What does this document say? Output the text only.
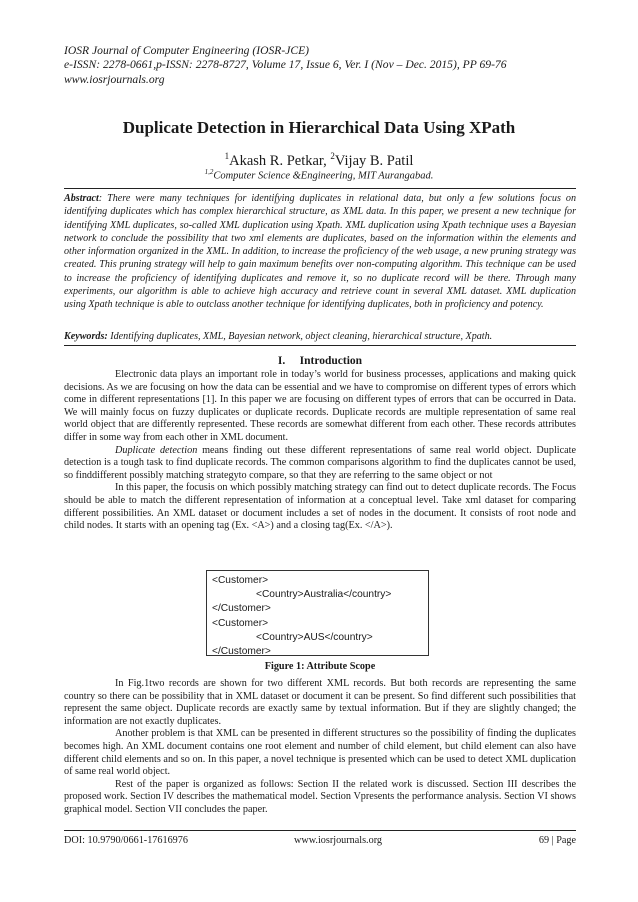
IOSR Journal of Computer Engineering (IOSR-JCE)
e-ISSN: 2278-0661,p-ISSN: 2278-8727, Volume 17, Issue 6, Ver. I (Nov – Dec. 2015), PP 69-76
www.iosrjournals.org
Duplicate Detection in Hierarchical Data Using XPath
$^1$Akash R. Petkar, $^2$Vijay B. Patil
$^{1,2}$Computer Science &Engineering, MIT Aurangabad.
Abstract: There were many techniques for identifying duplicates in relational data, but only a few solutions focus on identifying duplicates which has complex hierarchical structure, as XML data. In this paper, we present a new technique for identifying XML duplicates, so-called XML duplication using Xpath. XML duplication using Xpath technique uses a Bayesian network to conclude the possibility that two xml elements are duplicates, based on the information within the elements and other information organized in the XML. In addition, to increase the proficiency of the web usage, a new pruning strategy was created. This pruning strategy will help to gain maximum benefits over non-computing algorithm. This technique can be used to increase the proficiency of identifying duplicates and remove it, so no duplicate record will be there. Through many experiments, our algorithm is able to achieve high accuracy and retrieve count in several XML dataset. XML duplication using Xpath technique is able to outclass another technique for identifying duplicates, both in proficiency and potency.
Keywords: Identifying duplicates, XML, Bayesian network, object cleaning, hierarchical structure, Xpath.
I.     Introduction

Electronic data plays an important role in today’s world for business processes, applications and making quick decisions. As we are focusing on how the data can be essential and we have to compromise on different types of errors which come in different representations [1]. In this paper we are focusing on different types of errors that can be occurred in Data. We will mainly focus on fuzzy duplicates or duplicate records. Duplicate records are multiple representation of same real world object that are differently represented. These records are somewhat different from each other. These records attributes differ in some way from each other in XML document.

Duplicate detection means finding out these different representations of same real world object. Duplicate detection is a tough task to find duplicate records. The common comparisons algorithm to find the duplicates cannot be used, so finddifferent possibly matching strategyto compare, so that they are referring to the same object or not

In this paper, the focusis on which possibly matching strategy can find out to detect duplicate records. The Focus should be able to match the different representation of information at a conceptual level. Take xml dataset for comparing different possibilities. An XML dataset or document includes a set of nodes in the document. It consists of root node and child nodes. It starts with an opening tag (Ex. <A>) and a closing tag(Ex. </A>).

<Customer>
<Country>Australia</country>
</Customer>
<Customer>
<Country>AUS</country>
</Customer>
Figure 1: Attribute Scope

In Fig.1two records are shown for two different XML records. But both records are representing the same country so there can be possibility that in XML dataset or document it can be present. So find different such possibilities that represent the same object. Duplicate records are exactly same by textual information. But if they are slightly changed; the information are not exactly duplicates.

Another problem is that XML can be presented in different structures so the possibility of finding the duplicates becomes high. An XML document contains one root element and number of child element, but child element can also have different child elements and so on. In this paper, a novel technique is presented which can be used to detect XML duplication of same real world object.

Rest of the paper is organized as follows: Section II the related work is discussed. Section III describes the proposed work. Section IV describes the mathematical model. Section Vpresents the performance analysis. Section VI shows graphical model. Section VII concludes the paper.

DOI: 10.9790/0661-17616976	www.iosrjournals.org	69 | Page
